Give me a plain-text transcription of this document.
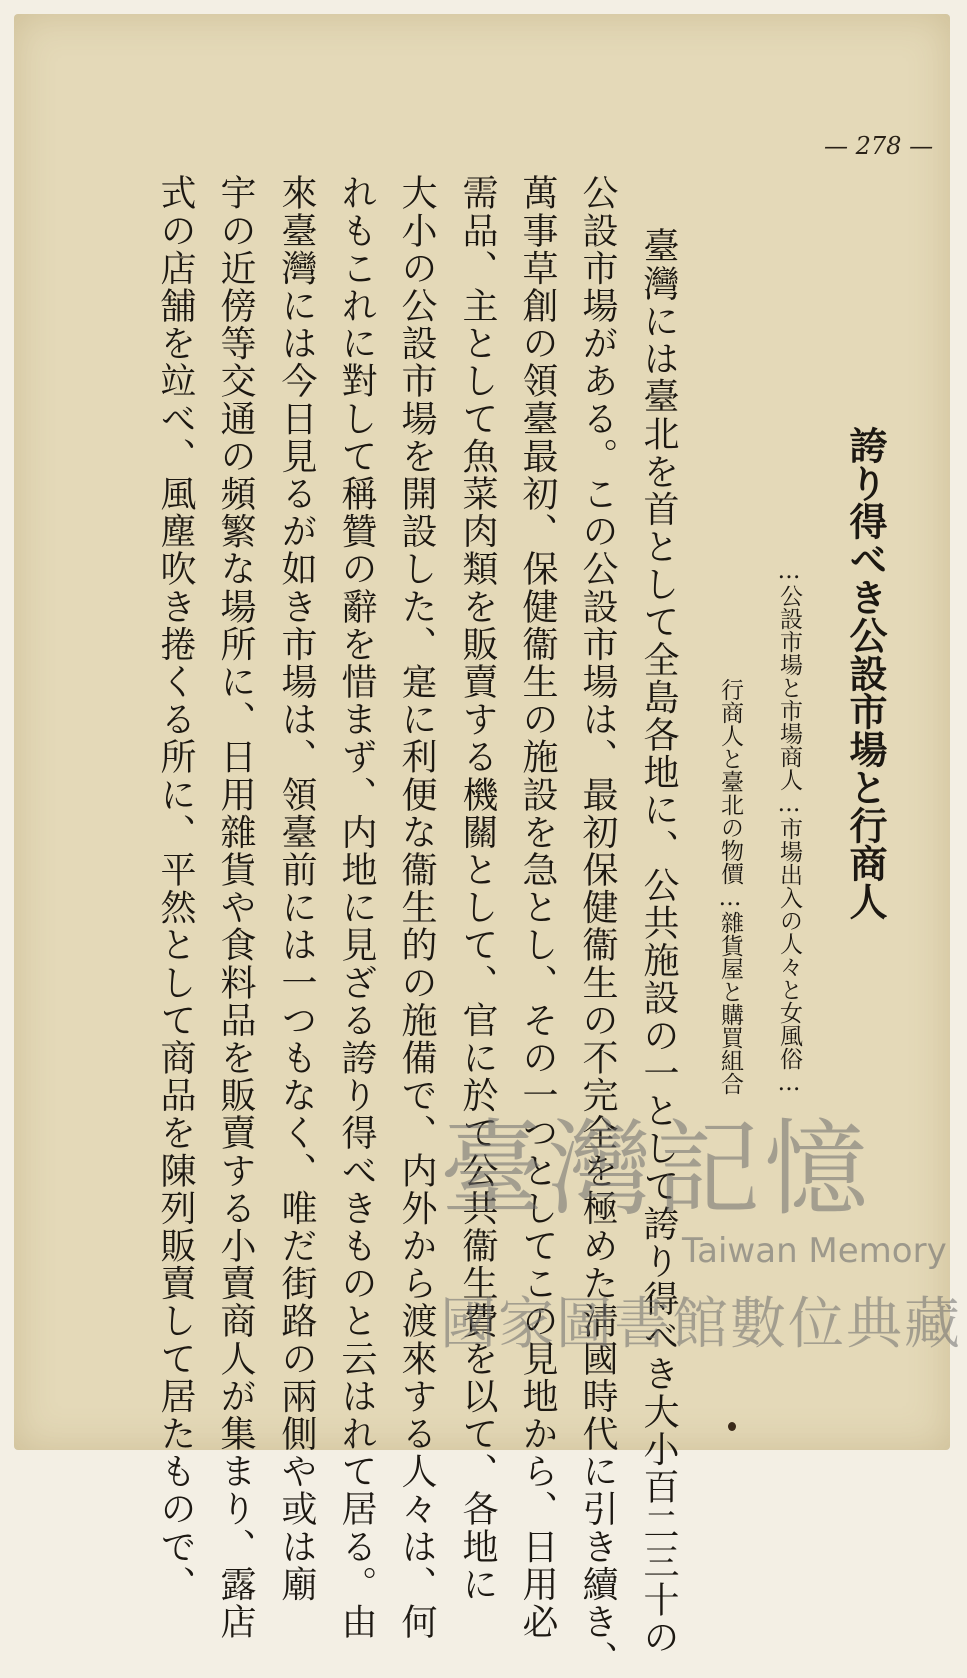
— 278 —
誇り得べき公設市場と行商人
…公設市場と市場商人…市場出入の人々と女風俗…
行商人と臺北の物價…雜貨屋と購買組合
臺灣には臺北を首として全島各地に、公共施設の一として誇り得べき大小百二三十の
公設市場がある。この公設市場は、最初保健衞生の不完全を極めた淸國時代に引き續き、
萬事草創の領臺最初、保健衞生の施設を急とし、その一つとしてこの見地から、日用必
需品、主として魚菜肉類を販賣する機關として、官に於て公共衞生費を以て、各地に
大小の公設市場を開設した、寔に利便な衞生的の施備で、内外から渡來する人々は、何
れもこれに對して稱贊の辭を惜まず、内地に見ざる誇り得べきものと云はれて居る。由
來臺灣には今日見るが如き市場は、領臺前には一つもなく、唯だ街路の兩側や或は廟
宇の近傍等交通の頻繁な場所に、日用雜貨や食料品を販賣する小賣商人が集まり、露店
式の店舗を竝べ、風塵吹き捲くる所に、平然として商品を陳列販賣して居たもので、 臺灣記憶
Taiwan Memory
國家圖書館數位典藏
